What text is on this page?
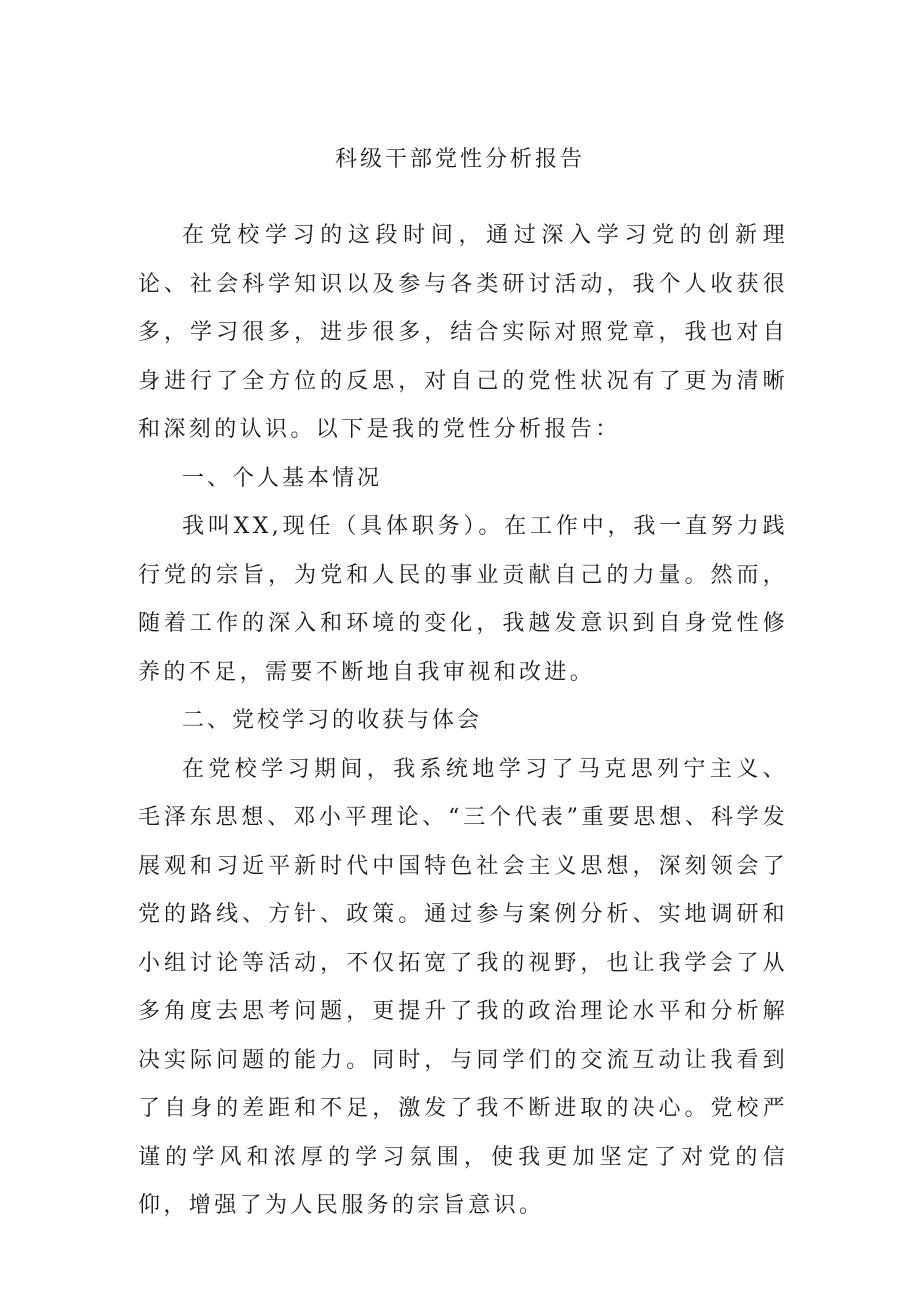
科级干部党性分析报告

在党校学习的这段时间，通过深入学习党的创新理论、社会科学知识以及参与各类研讨活动，我个人收获很多，学习很多，进步很多，结合实际对照党章，我也对自身进行了全方位的反思，对自己的党性状况有了更为清晰和深刻的认识。以下是我的党性分析报告：

一、个人基本情况

我叫XX,现任（具体职务）。在工作中，我一直努力践行党的宗旨，为党和人民的事业贡献自己的力量。然而，随着工作的深入和环境的变化，我越发意识到自身党性修养的不足，需要不断地自我审视和改进。

二、党校学习的收获与体会

在党校学习期间，我系统地学习了马克思列宁主义、毛泽东思想、邓小平理论、“三个代表”重要思想、科学发展观和习近平新时代中国特色社会主义思想，深刻领会了党的路线、方针、政策。通过参与案例分析、实地调研和小组讨论等活动，不仅拓宽了我的视野，也让我学会了从多角度去思考问题，更提升了我的政治理论水平和分析解决实际问题的能力。同时，与同学们的交流互动让我看到了自身的差距和不足，激发了我不断进取的决心。党校严谨的学风和浓厚的学习氛围，使我更加坚定了对党的信仰，增强了为人民服务的宗旨意识。
